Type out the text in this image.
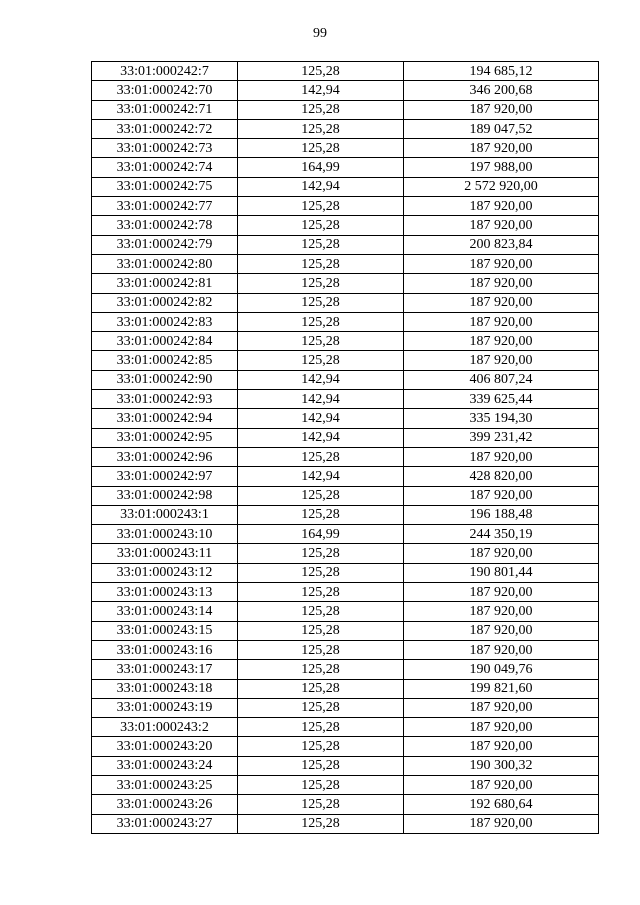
99
33:01:000242:7	125,28	194 685,12
33:01:000242:70	142,94	346 200,68
33:01:000242:71	125,28	187 920,00
33:01:000242:72	125,28	189 047,52
33:01:000242:73	125,28	187 920,00
33:01:000242:74	164,99	197 988,00
33:01:000242:75	142,94	2 572 920,00
33:01:000242:77	125,28	187 920,00
33:01:000242:78	125,28	187 920,00
33:01:000242:79	125,28	200 823,84
33:01:000242:80	125,28	187 920,00
33:01:000242:81	125,28	187 920,00
33:01:000242:82	125,28	187 920,00
33:01:000242:83	125,28	187 920,00
33:01:000242:84	125,28	187 920,00
33:01:000242:85	125,28	187 920,00
33:01:000242:90	142,94	406 807,24
33:01:000242:93	142,94	339 625,44
33:01:000242:94	142,94	335 194,30
33:01:000242:95	142,94	399 231,42
33:01:000242:96	125,28	187 920,00
33:01:000242:97	142,94	428 820,00
33:01:000242:98	125,28	187 920,00
33:01:000243:1	125,28	196 188,48
33:01:000243:10	164,99	244 350,19
33:01:000243:11	125,28	187 920,00
33:01:000243:12	125,28	190 801,44
33:01:000243:13	125,28	187 920,00
33:01:000243:14	125,28	187 920,00
33:01:000243:15	125,28	187 920,00
33:01:000243:16	125,28	187 920,00
33:01:000243:17	125,28	190 049,76
33:01:000243:18	125,28	199 821,60
33:01:000243:19	125,28	187 920,00
33:01:000243:2	125,28	187 920,00
33:01:000243:20	125,28	187 920,00
33:01:000243:24	125,28	190 300,32
33:01:000243:25	125,28	187 920,00
33:01:000243:26	125,28	192 680,64
33:01:000243:27	125,28	187 920,00
